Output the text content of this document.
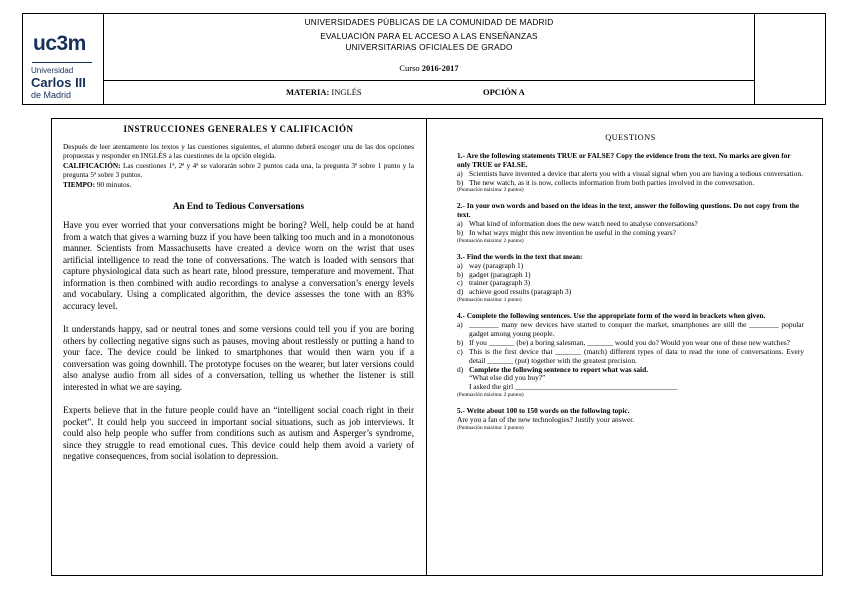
uc3m
Universidad
Carlos III
de Madrid
UNIVERSIDADES PÚBLICAS DE LA COMUNIDAD DE MADRID
EVALUACIÓN PARA EL ACCESO A LAS ENSEÑANZAS
UNIVERSITARIAS OFICIALES DE GRADO
Curso 2016-2017
MATERIA: INGLÉS	OPCIÓN A
INSTRUCCIONES GENERALES Y CALIFICACIÓN

Después de leer atentamente los textos y las cuestiones siguientes, el alumno deberá escoger una de las dos opciones propuestas y responder en INGLÉS a las cuestiones de la opción elegida.

CALIFICACIÓN: Las cuestiones 1ª, 2ª y 4ª se valorarán sobre 2 puntos cada una, la pregunta 3ª sobre 1 punto y la pregunta 5ª sobre 3 puntos.

TIEMPO: 90 minutos.

An End to Tedious Conversations

Have you ever worried that your conversations might be boring? Well, help could be at hand from a watch that gives a warning buzz if you have been talking too much and in a monotonous manner. Scientists from Massachusetts have created a device worn on the wrist that uses artificial intelligence to read the tone of conversations. The watch is loaded with sensors that capture physiological data such as heart rate, blood pressure, temperature and movement. That information is then combined with audio recordings to analyse a conversation’s energy levels and vocabulary. Using a complicated algorithm, the device assesses the tone with an 83% accuracy level.

It understands happy, sad or neutral tones and some versions could tell you if you are boring others by collecting negative signs such as pauses, moving about restlessly or putting a hand to your face. The device could be linked to smartphones that would then warn you if a conversation was going downhill. The prototype focuses on the wearer, but later versions could also analyse audio from all sides of a conversation, telling us whether the listener is still interested in what we are saying.

Experts believe that in the future people could have an “intelligent social coach right in their pocket”. It could help you succeed in important social situations, such as job interviews. It could also help people who suffer from conditions such as autism and Asperger’s syndrome, since they struggle to read emotional cues. This device could help them avoid a variety of negative consequences, from social isolation to depression.

QUESTIONS

1.- Are the following statements TRUE or FALSE? Copy the evidence from the text. No marks are given for only TRUE or FALSE.

a) Scientists have invented a device that alerts you with a visual signal when you are having a tedious conversation.
b) The new watch, as it is now, collects information from both parties involved in the conversation.

(Puntuación máxima: 2 puntos)

2.- In your own words and based on the ideas in the text, answer the following questions. Do not copy from the text.

a) What kind of information does the new watch need to analyse conversations?
b) In what ways might this new invention be useful in the coming years?

(Puntuación máxima: 2 puntos)

3.- Find the words in the text that mean:

a) way (paragraph 1)
b) gadget (paragraph 1)
c) trainer (paragraph 3)
d) achieve good results (paragraph 3)

(Puntuación máxima: 1 punto)

4.- Complete the following sentences. Use the appropriate form of the word in brackets when given.

a) ________ many new devices have started to conquer the market, smartphones are still the ________ popular gadget among young people.
b) If you _______ (be) a boring salesman, _______ would you do? Would you wear one of these new watches?
c) This is the first device that _______ (match) different types of data to read the tone of conversations. Every detail _______ (put) together with the greatest precision.
d) Complete the following sentence to report what was said.

“What else did you buy?”

I asked the girl ____________________________________________

(Puntuación máxima: 2 puntos)

5.- Write about 100 to 150 words on the following topic.

Are you a fan of the new technologies? Justify your answer.

(Puntuación máxima: 3 puntos)
